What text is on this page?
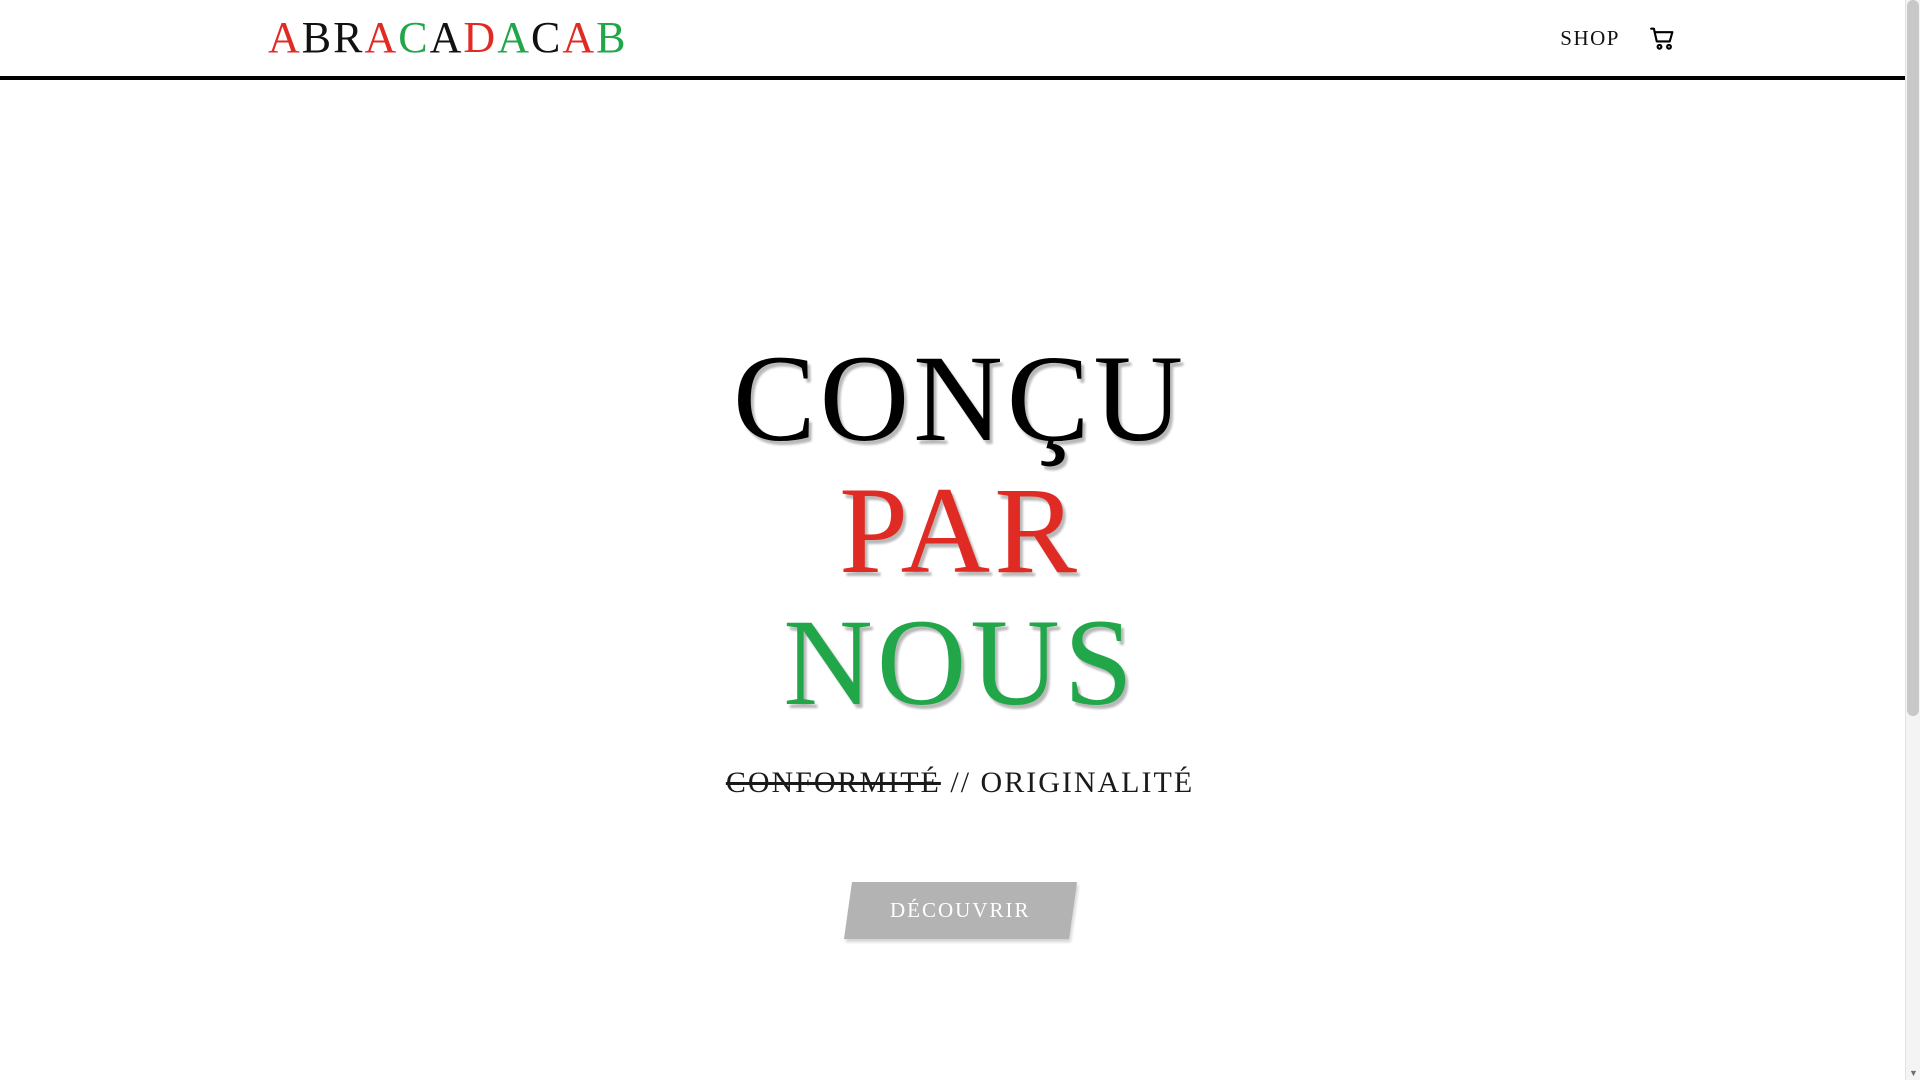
ABRACADACAB	SHOP
CONÇU
PAR
NOUS

CONFORMITÉ // ORIGINALITÉ

DÉCOUVRIR
▼
